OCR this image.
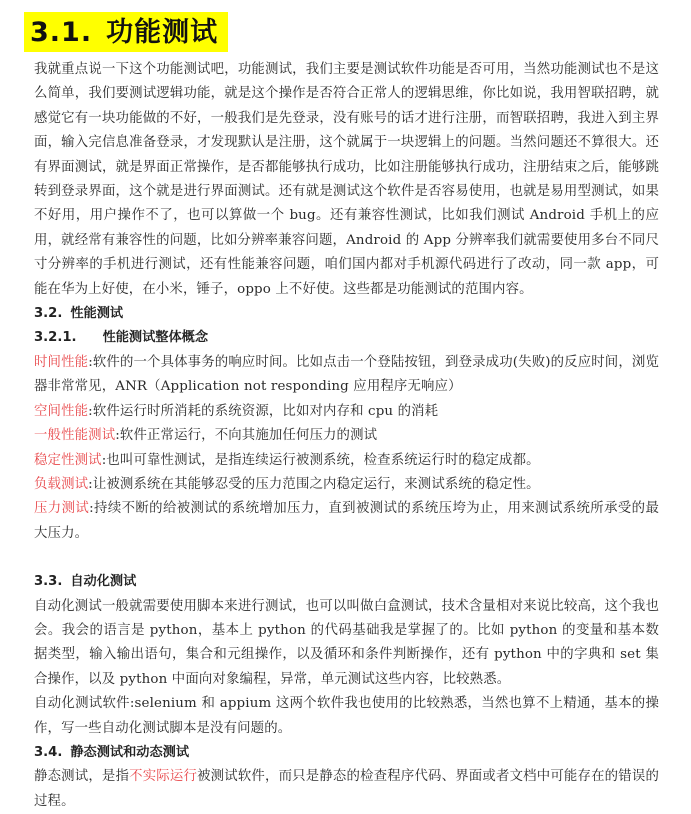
3.1. 功能测试

我就重点说一下这个功能测试吧，功能测试，我们主要是测试软件功能是否可用，当然功能测试也不是这么简单，我们要测试逻辑功能，就是这个操作是否符合正常人的逻辑思维，你比如说，我用智联招聘，就感觉它有一块功能做的不好，一般我们是先登录，没有账号的话才进行注册，而智联招聘，我进入到主界面，输入完信息准备登录，才发现默认是注册，这个就属于一块逻辑上的问题。当然问题还不算很大。还有界面测试，就是界面正常操作，是否都能够执行成功，比如注册能够执行成功，注册结束之后，能够跳转到登录界面，这个就是进行界面测试。还有就是测试这个软件是否容易使用，也就是易用型测试，如果不好用，用户操作不了，也可以算做一个 bug。还有兼容性测试，比如我们测试 Android 手机上的应用，就经常有兼容性的问题，比如分辨率兼容问题，Android 的 App 分辨率我们就需要使用多台不同尺寸分辨率的手机进行测试，还有性能兼容问题，咱们国内都对手机源代码进行了改动，同一款 app，可能在华为上好使，在小米，锤子，oppo 上不好使。这些都是功能测试的范围内容。

3.2. 性能测试
3.2.1. 性能测试整体概念

时间性能:软件的一个具体事务的响应时间。比如点击一个登陆按钮，到登录成功(失败)的反应时间，浏览器非常常见，ANR（Application not responding 应用程序无响应）

空间性能:软件运行时所消耗的系统资源，比如对内存和 cpu 的消耗

一般性能测试:软件正常运行，不向其施加任何压力的测试

稳定性测试:也叫可靠性测试，是指连续运行被测系统，检查系统运行时的稳定成都。

负载测试:让被测系统在其能够忍受的压力范围之内稳定运行，来测试系统的稳定性。

压力测试:持续不断的给被测试的系统增加压力，直到被测试的系统压垮为止，用来测试系统所承受的最大压力。

3.3. 自动化测试

自动化测试一般就需要使用脚本来进行测试，也可以叫做白盒测试，技术含量相对来说比较高，这个我也会。我会的语言是 python，基本上 python 的代码基础我是掌握了的。比如 python 的变量和基本数据类型，输入输出语句，集合和元组操作，以及循环和条件判断操作，还有 python 中的字典和 set 集合操作，以及 python 中面向对象编程，异常，单元测试这些内容，比较熟悉。

自动化测试软件:selenium 和 appium 这两个软件我也使用的比较熟悉，当然也算不上精通，基本的操作，写一些自动化测试脚本是没有问题的。

3.4. 静态测试和动态测试

静态测试，是指不实际运行被测试软件，而只是静态的检查程序代码、界面或者文档中可能存在的错误的过程。
